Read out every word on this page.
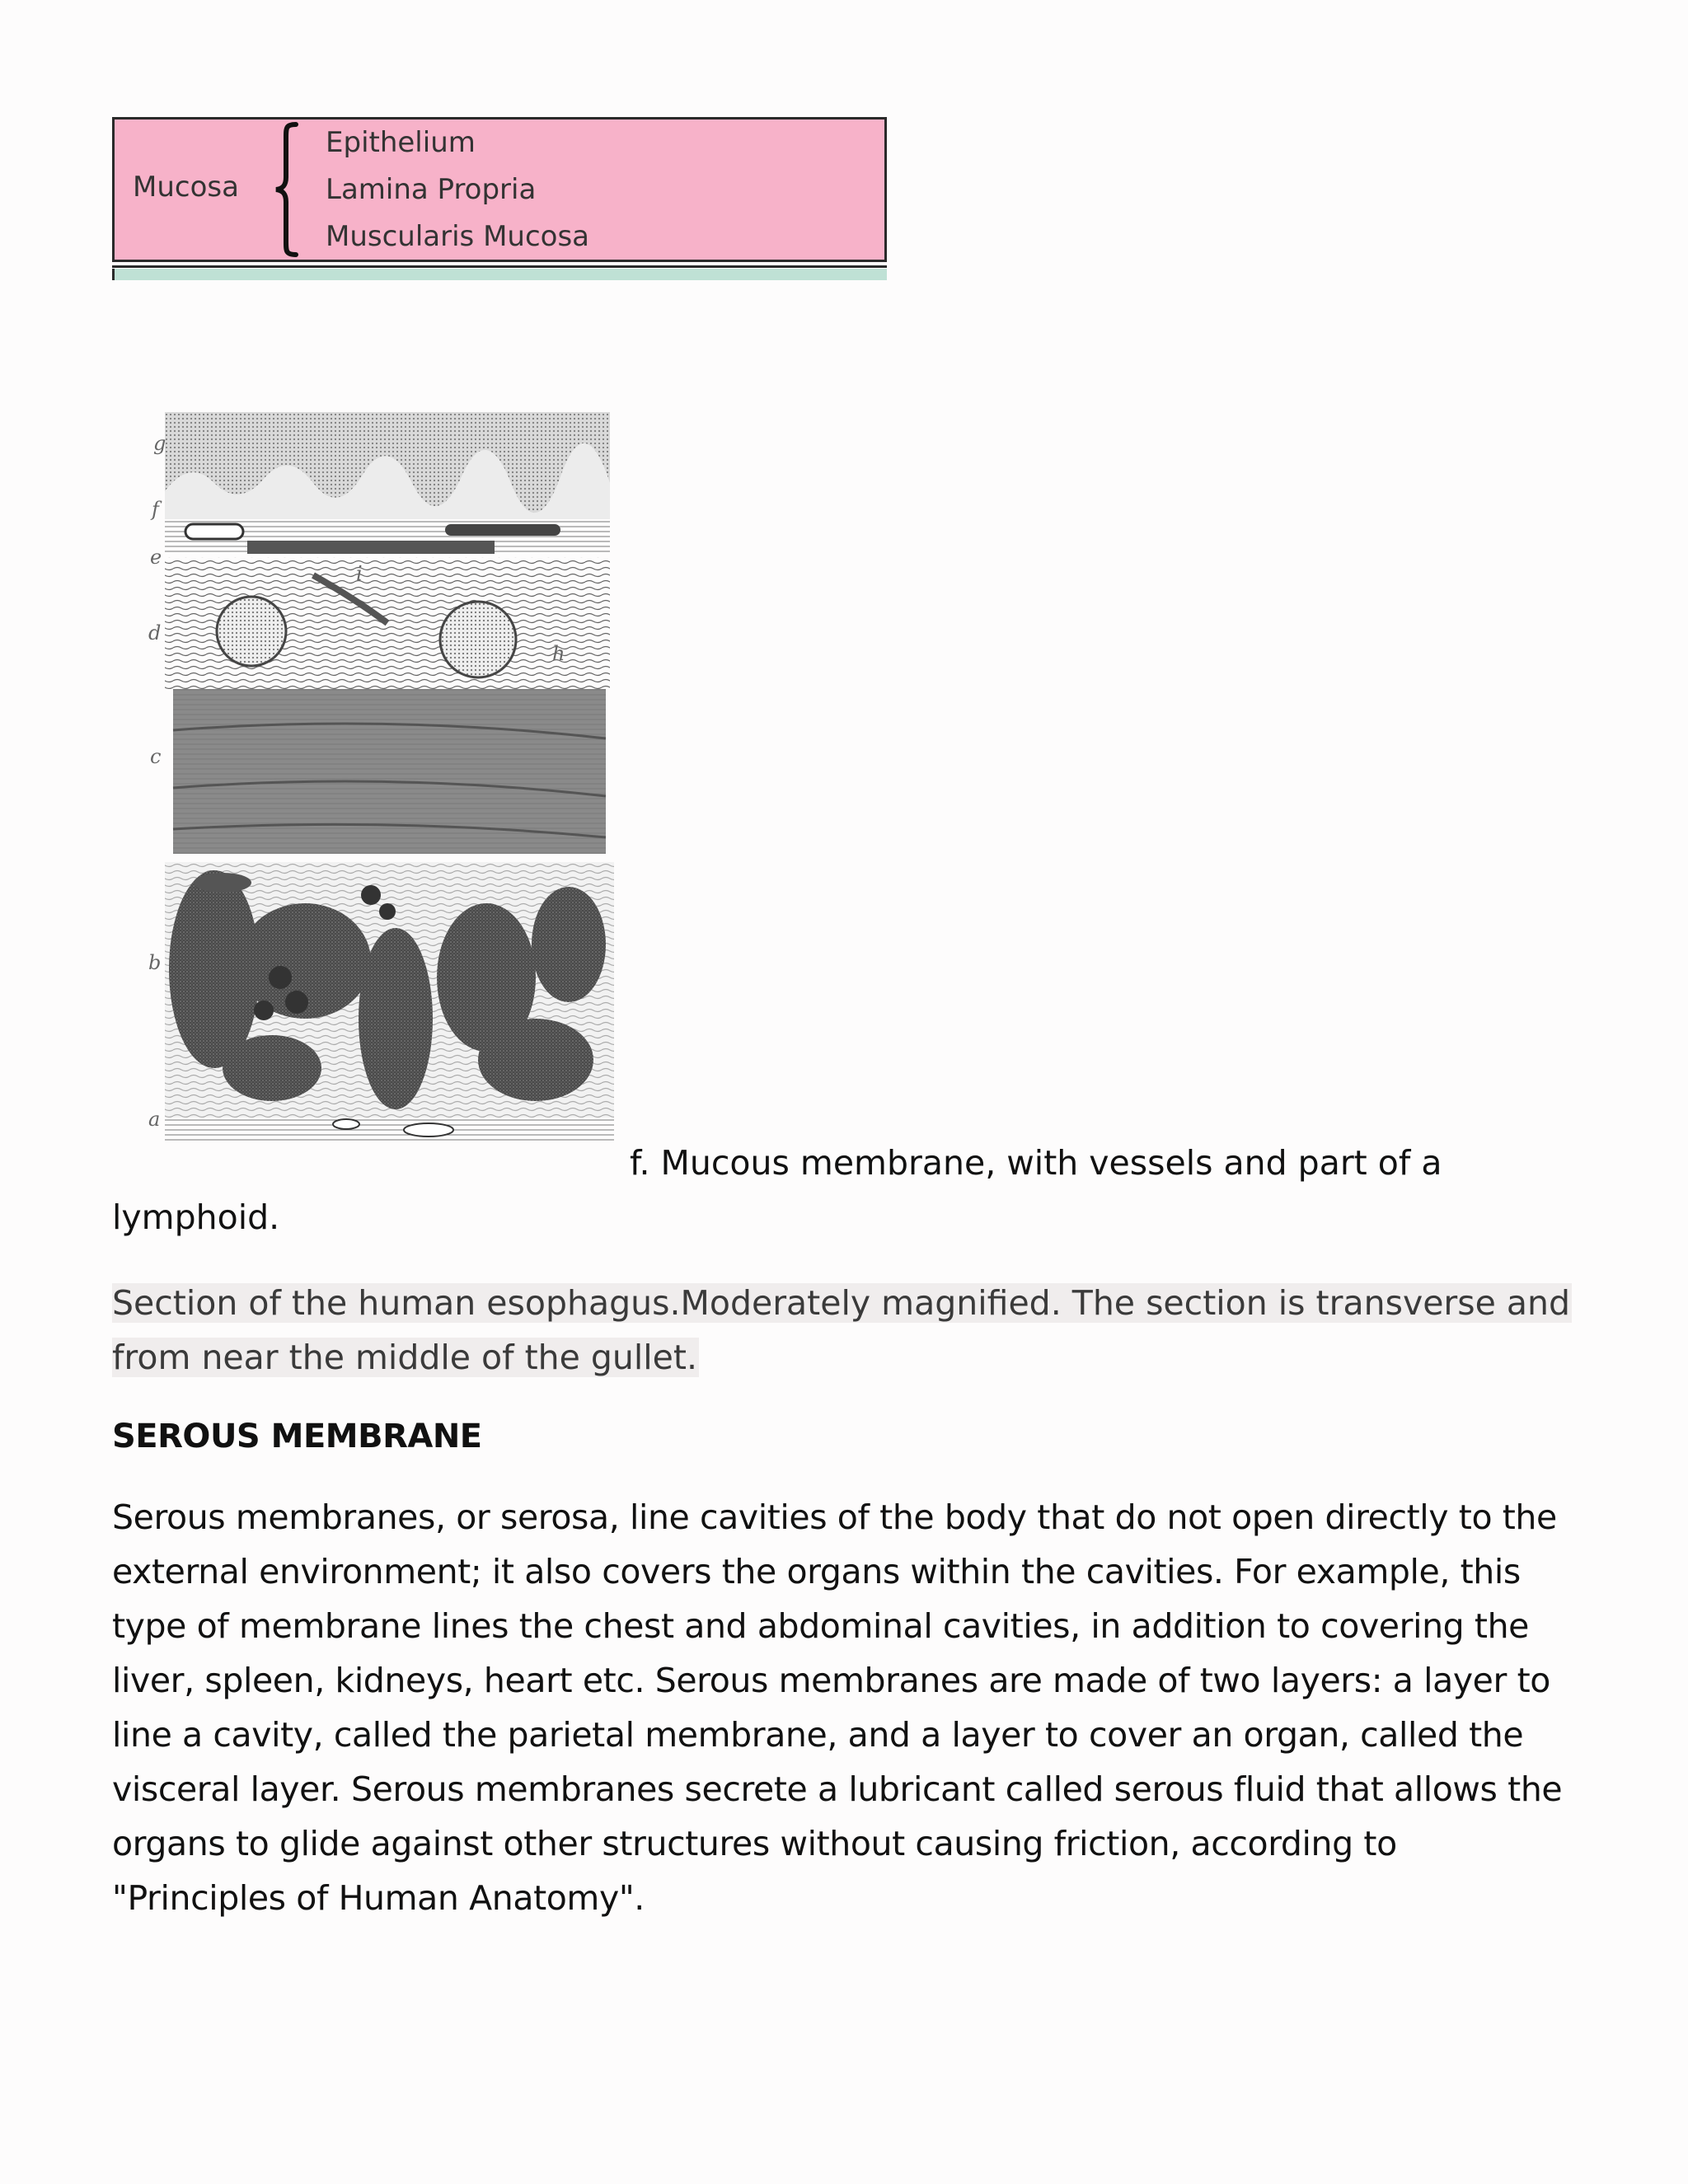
Mucosa
Epithelium
Lamina Propria
Muscularis Mucosa
g
f
e
d
i
h
c
b
a
f. Mucous membrane, with vessels and part of a
lymphoid.
Section of the human esophagus.Moderately magnified. The section is transverse and
from near the middle of the gullet.
SEROUS MEMBRANE
Serous membranes, or serosa, line cavities of the body that do not open directly to the
external environment; it also covers the organs within the cavities. For example, this
type of membrane lines the chest and abdominal cavities, in addition to covering the
liver, spleen, kidneys, heart etc. Serous membranes are made of two layers: a layer to
line a cavity, called the parietal membrane, and a layer to cover an organ, called the
visceral layer. Serous membranes secrete a lubricant called serous fluid that allows the
organs to glide against other structures without causing friction, according to
"Principles of Human Anatomy".
